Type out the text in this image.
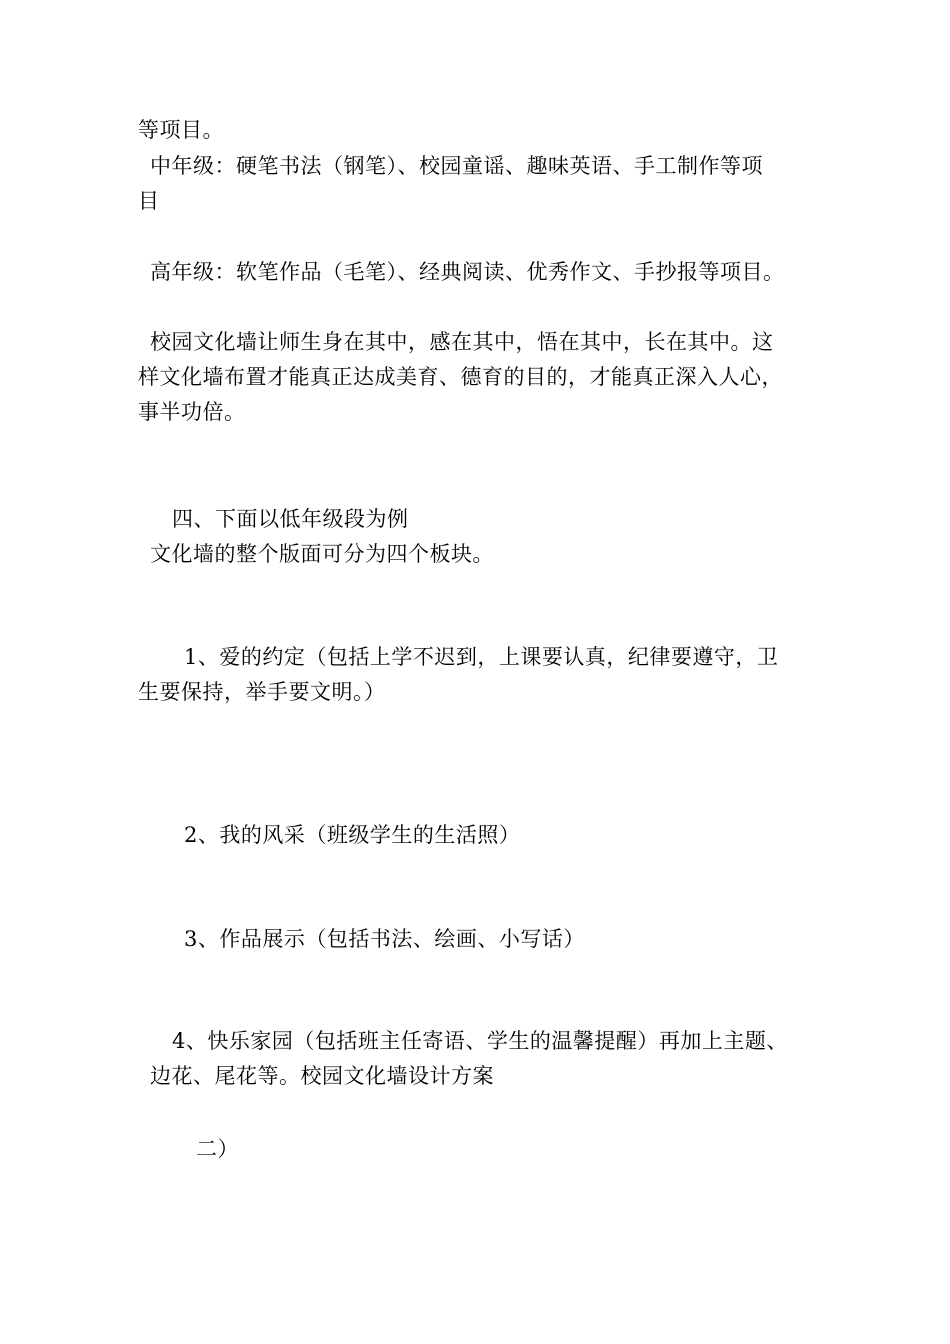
等项目。
中年级：硬笔书法（钢笔）、校园童谣、趣味英语、手工制作等项
目
高年级：软笔作品（毛笔）、经典阅读、优秀作文、手抄报等项目。
校园文化墙让师生身在其中，感在其中，悟在其中，长在其中。这
样文化墙布置才能真正达成美育、德育的目的，才能真正深入人心，
事半功倍。
四、下面以低年级段为例
文化墙的整个版面可分为四个板块。
1、爱的约定（包括上学不迟到，上课要认真，纪律要遵守，卫
生要保持，举手要文明。）
2、我的风采（班级学生的生活照）
3、作品展示（包括书法、绘画、小写话）
4、快乐家园（包括班主任寄语、学生的温馨提醒）再加上主题、
边花、尾花等。校园文化墙设计方案
二）
